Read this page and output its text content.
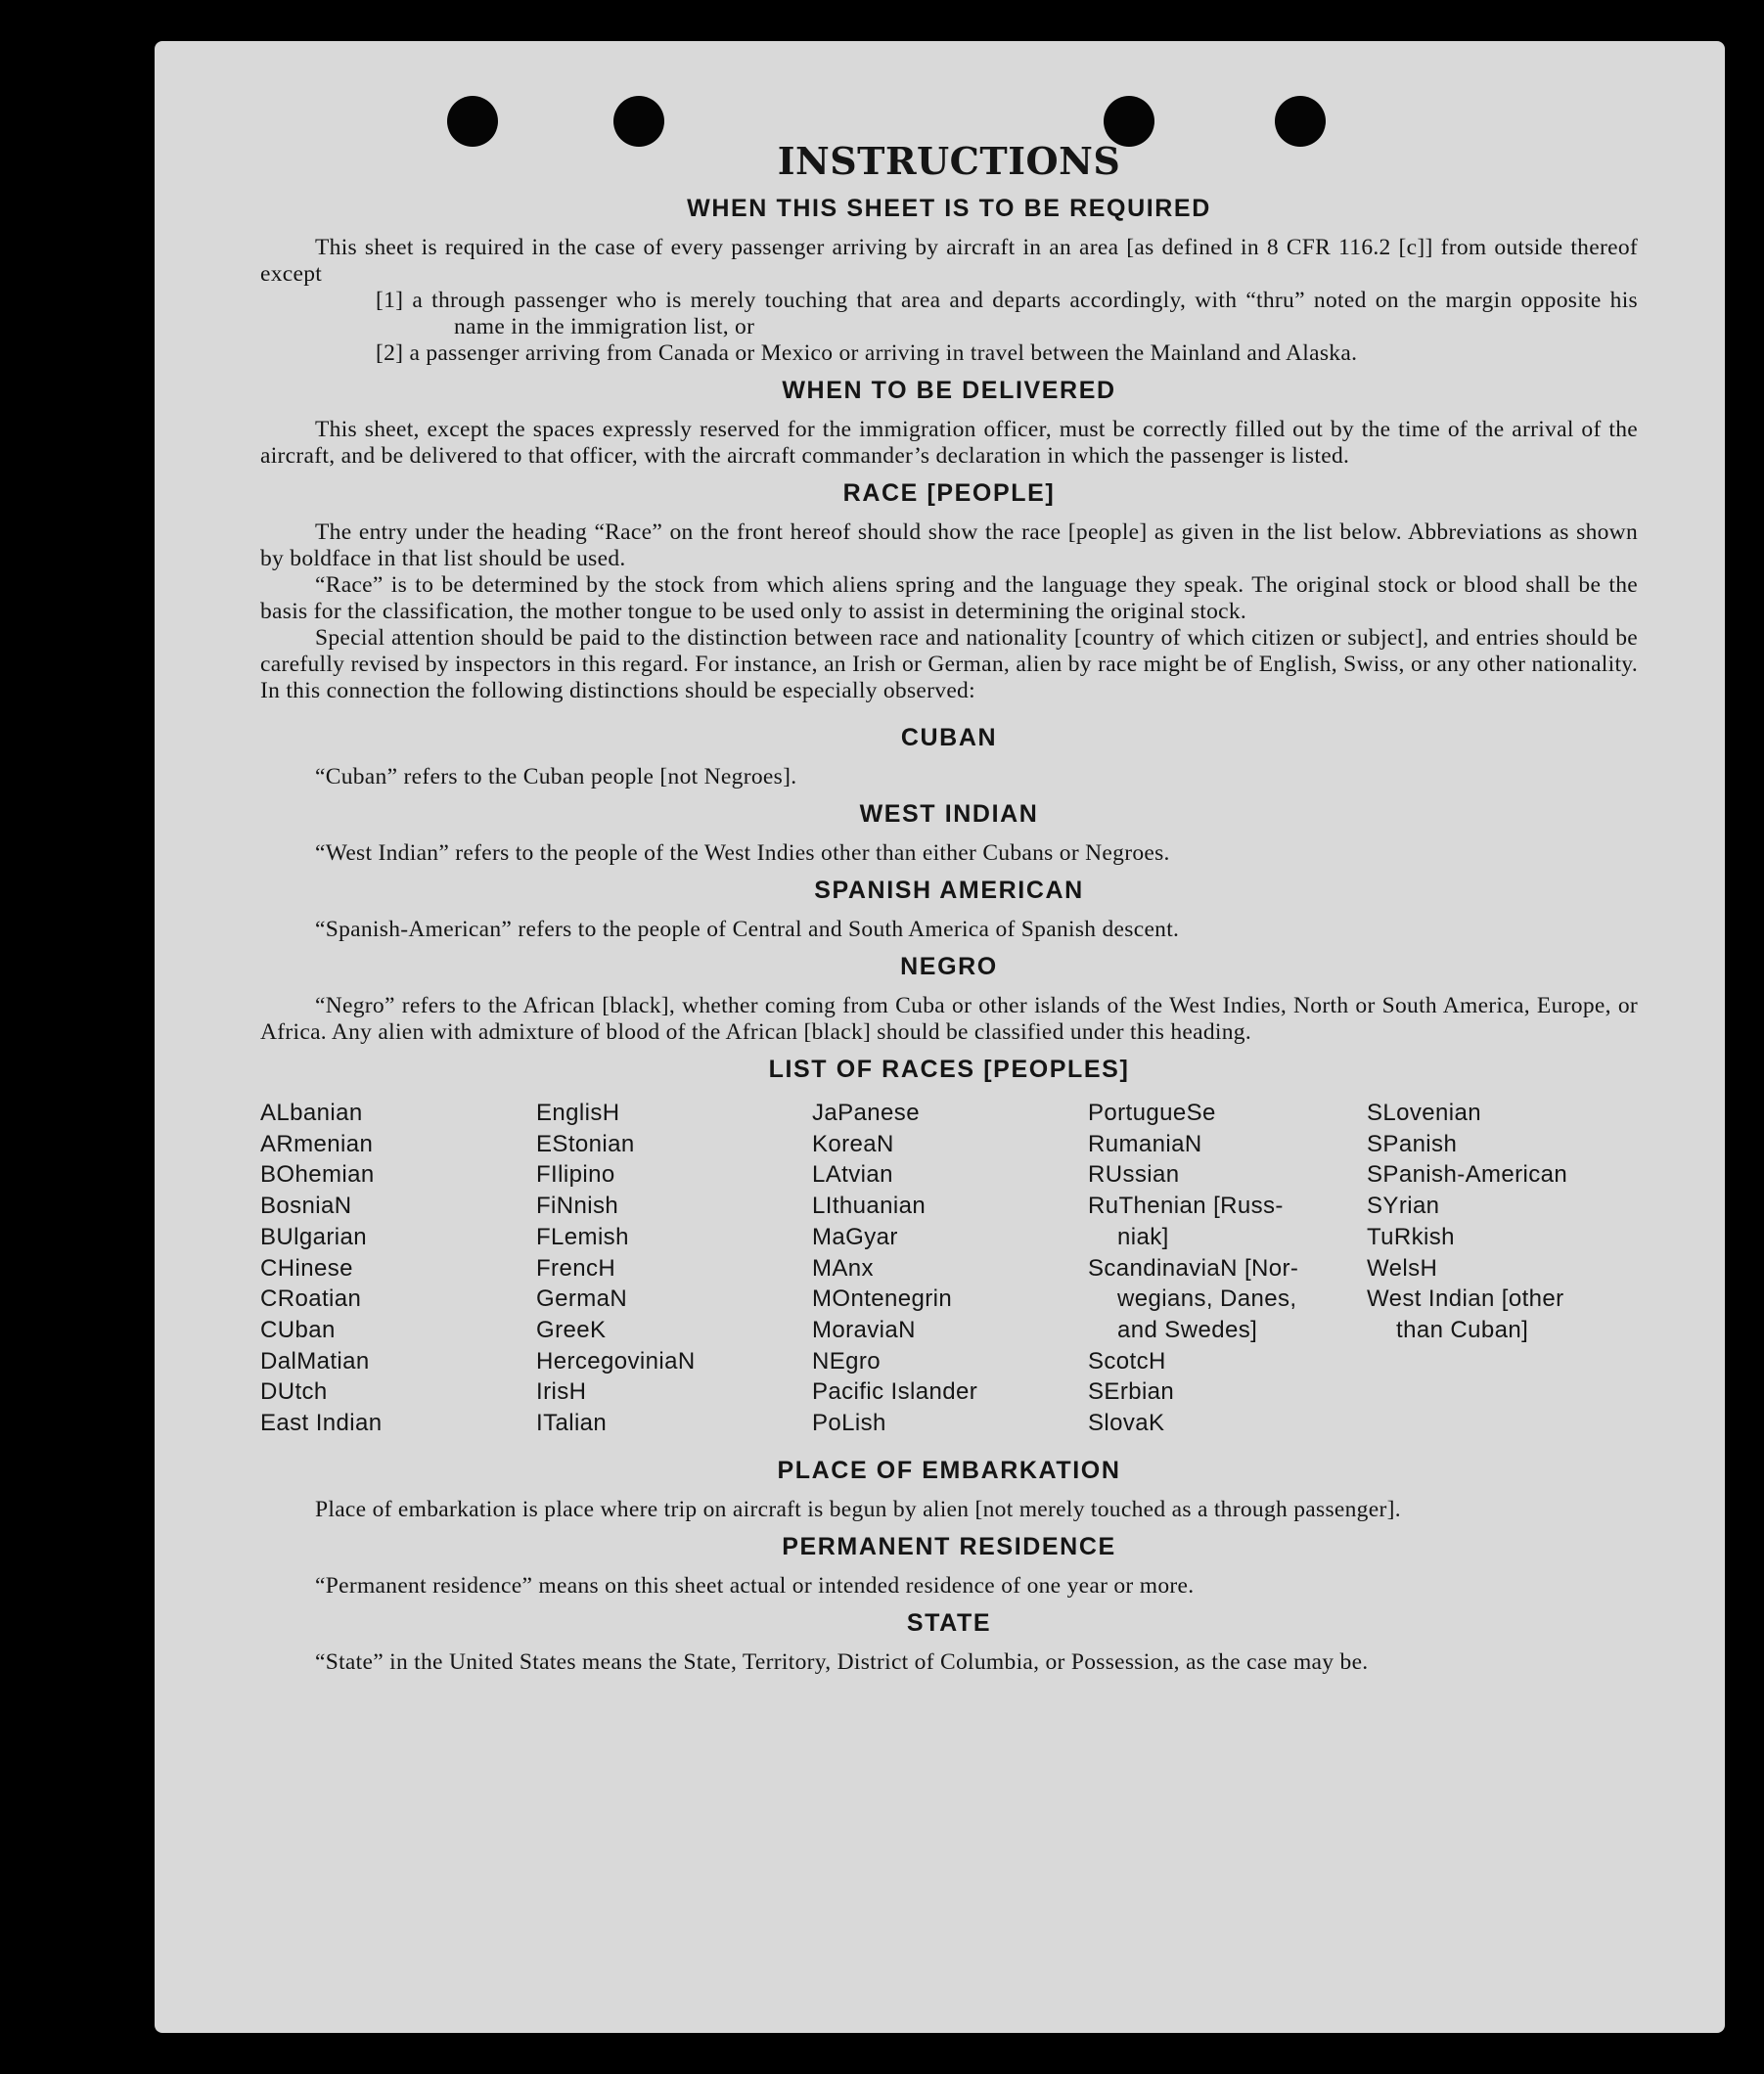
INSTRUCTIONS
WHEN THIS SHEET IS TO BE REQUIRED

This sheet is required in the case of every passenger arriving by aircraft in an area [as defined in 8 CFR 116.2 [c]] from outside thereof except

[1] a through passenger who is merely touching that area and departs accordingly, with “thru” noted on the margin opposite his name in the immigration list, or

[2] a passenger arriving from Canada or Mexico or arriving in travel between the Mainland and Alaska.

WHEN TO BE DELIVERED

This sheet, except the spaces expressly reserved for the immigration officer, must be correctly filled out by the time of the arrival of the aircraft, and be delivered to that officer, with the aircraft commander’s declaration in which the passenger is listed.

RACE [PEOPLE]

The entry under the heading “Race” on the front hereof should show the race [people] as given in the list below. Abbreviations as shown by boldface in that list should be used.

“Race” is to be determined by the stock from which aliens spring and the language they speak. The original stock or blood shall be the basis for the classification, the mother tongue to be used only to assist in determining the original stock.

Special attention should be paid to the distinction between race and nationality [country of which citizen or subject], and entries should be carefully revised by inspectors in this regard. For instance, an Irish or German, alien by race might be of English, Swiss, or any other nationality. In this connection the following distinctions should be especially observed:

CUBAN

“Cuban” refers to the Cuban people [not Negroes].

WEST INDIAN

“West Indian” refers to the people of the West Indies other than either Cubans or Negroes.

SPANISH AMERICAN

“Spanish-American” refers to the people of Central and South America of Spanish descent.

NEGRO

“Negro” refers to the African [black], whether coming from Cuba or other islands of the West Indies, North or South America, Europe, or Africa. Any alien with admixture of blood of the African [black] should be classified under this heading.

LIST OF RACES [PEOPLES]
ALbanian
ARmenian
BOhemian
BosniaN
BUlgarian
CHinese
CRoatian
CUban
DalMatian
DUtch
East Indian
EnglisH
EStonian
FIlipino
FiNnish
FLemish
FrencH
GermaN
GreeK
HercegoviniaN
IrisH
ITalian
JaPanese
KoreaN
LAtvian
LIthuanian
MaGyar
MAnx
MOntenegrin
MoraviaN
NEgro
Pacific Islander
PoLish
PortugueSe
RumaniaN
RUssian
RuThenian [Russ-
niak]
ScandinaviaN [Nor-
wegians, Danes,
and Swedes]
ScotcH
SErbian
SlovaK
SLovenian
SPanish
SPanish-American
SYrian
TuRkish
WelsH
West Indian [other
than Cuban]
PLACE OF EMBARKATION

Place of embarkation is place where trip on aircraft is begun by alien [not merely touched as a through passenger].

PERMANENT RESIDENCE

“Permanent residence” means on this sheet actual or intended residence of one year or more.

STATE

“State” in the United States means the State, Territory, District of Columbia, or Possession, as the case may be.
